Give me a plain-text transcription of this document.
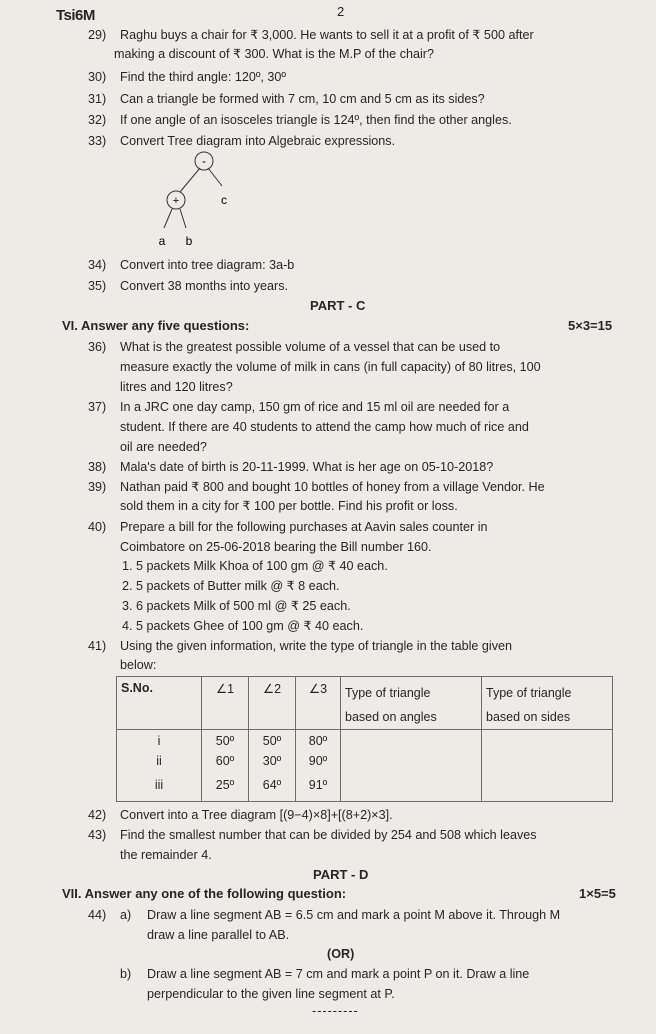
Tsi6M	2
29) Raghu buys a chair for ₹ 3,000. He wants to sell it at a profit of ₹ 500 after
making a discount of ₹ 300. What is the M.P of the chair?
30) Find the third angle: 120º, 30º
31) Can a triangle be formed with 7 cm, 10 cm and 5 cm as its sides?
32) If one angle of an isosceles triangle is 124º, then find the other angles.
33) Convert Tree diagram into Algebraic expressions.
-
+	c
a b
34) Convert into tree diagram: 3a-b
35) Convert 38 months into years.
PART - C
VI. Answer any five questions:	5×3=15
36) What is the greatest possible volume of a vessel that can be used to
measure exactly the volume of milk in cans (in full capacity) of 80 litres, 100
litres and 120 litres?
37) In a JRC one day camp, 150 gm of rice and 15 ml oil are needed for a
student. If there are 40 students to attend the camp how much of rice and
oil are needed?
38) Mala's date of birth is 20-11-1999. What is her age on 05-10-2018?
39) Nathan paid ₹ 800 and bought 10 bottles of honey from a village Vendor. He
sold them in a city for ₹ 100 per bottle. Find his profit or loss.
40) Prepare a bill for the following purchases at Aavin sales counter in
Coimbatore on 25-06-2018 bearing the Bill number 160.
1. 5 packets Milk Khoa of 100 gm @ ₹ 40 each.
2. 5 packets of Butter milk @ ₹ 8 each.
3. 6 packets Milk of 500 ml @ ₹ 25 each.
4. 5 packets Ghee of 100 gm @ ₹ 40 each.
41) Using the given information, write the type of triangle in the table given
below:
S.No.	∠1	∠2	∠3	Type of triangle
based on angles	Type of triangle
based on sides

i	50º	50º	80º		
ii	60º	30º	90º		
iii	25º	64º	91º		
42) Convert into a Tree diagram [(9−4)×8]+[(8+2)×3].
43) Find the smallest number that can be divided by 254 and 508 which leaves
the remainder 4.
PART - D
VII. Answer any one of the following question:	1×5=5
44) a) Draw a line segment AB = 6.5 cm and mark a point M above it. Through M
draw a line parallel to AB.
(OR)
b) Draw a line segment AB = 7 cm and mark a point P on it. Draw a line
perpendicular to the given line segment at P.
---------
